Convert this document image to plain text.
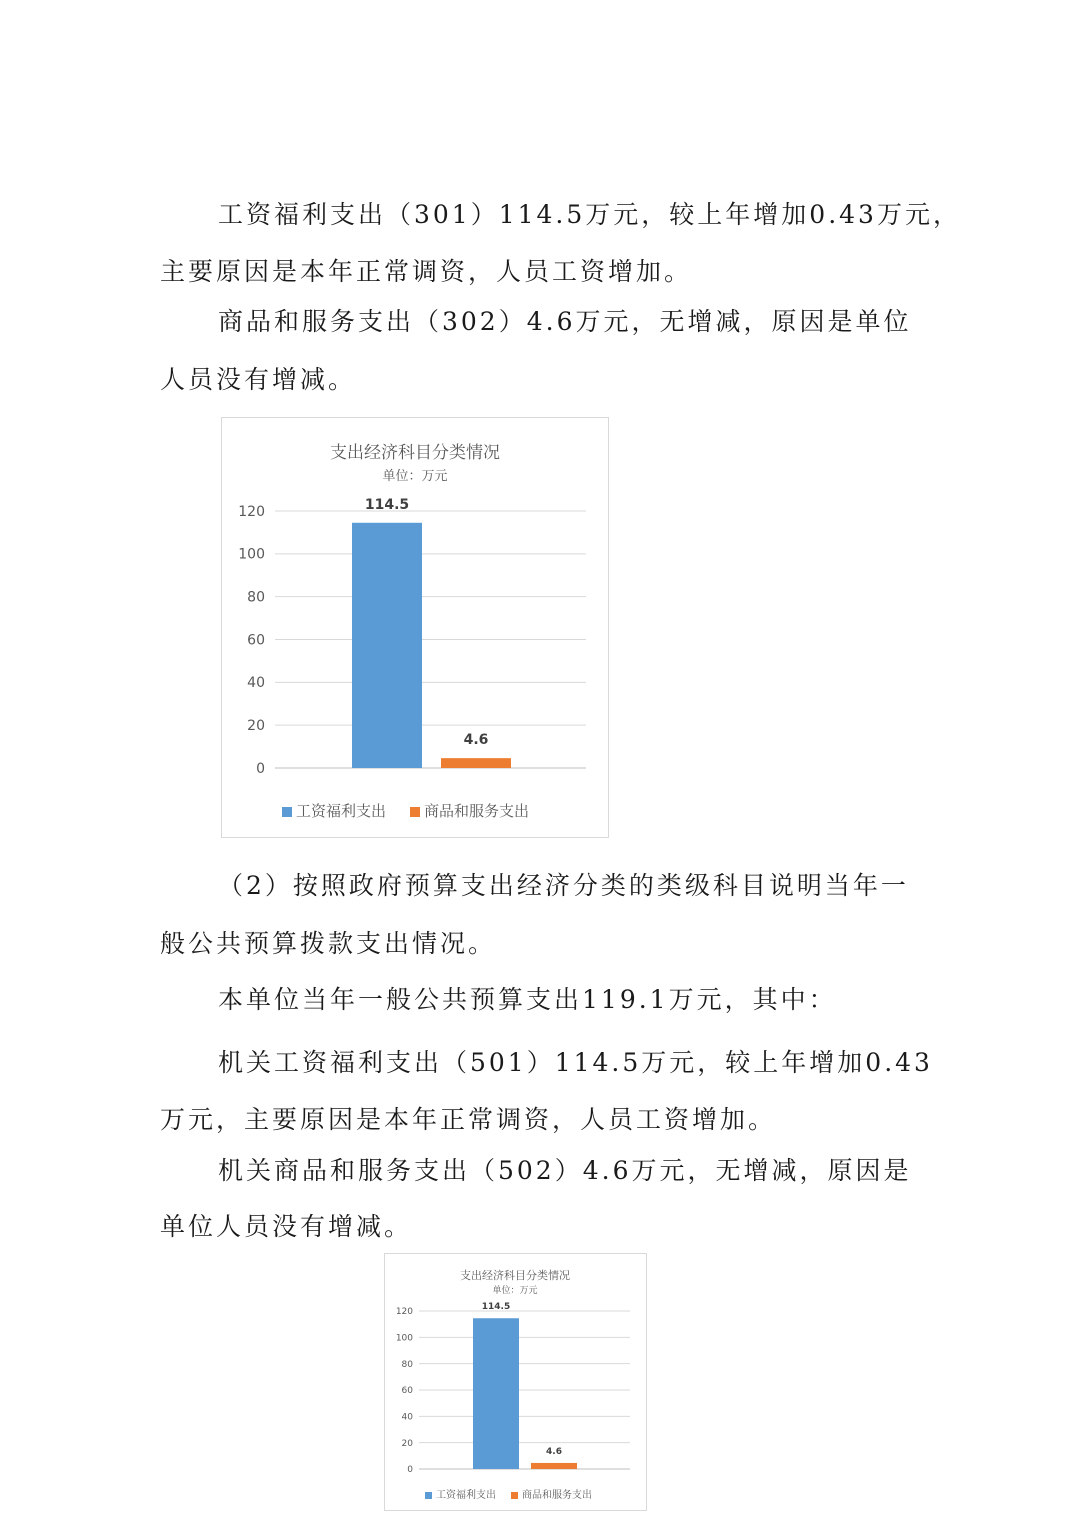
工资福利支出（301）114.5万元，较上年增加0.43万元，
主要原因是本年正常调资，人员工资增加。
商品和服务支出（302）4.6万元，无增减，原因是单位
人员没有增减。
支出经济科目分类情况
单位：万元
0
20
40
60
80
100
120	114.5
4.6
工资福利支出	商品和服务支出
（2）按照政府预算支出经济分类的类级科目说明当年一
般公共预算拨款支出情况。
本单位当年一般公共预算支出119.1万元，其中：
机关工资福利支出（501）114.5万元，较上年增加0.43
万元，主要原因是本年正常调资，人员工资增加。
机关商品和服务支出（502）4.6万元，无增减，原因是
单位人员没有增减。
支出经济科目分类情况
单位：万元
0
20
40
60
80
100
120	114.5
4.6
工资福利支出	商品和服务支出
